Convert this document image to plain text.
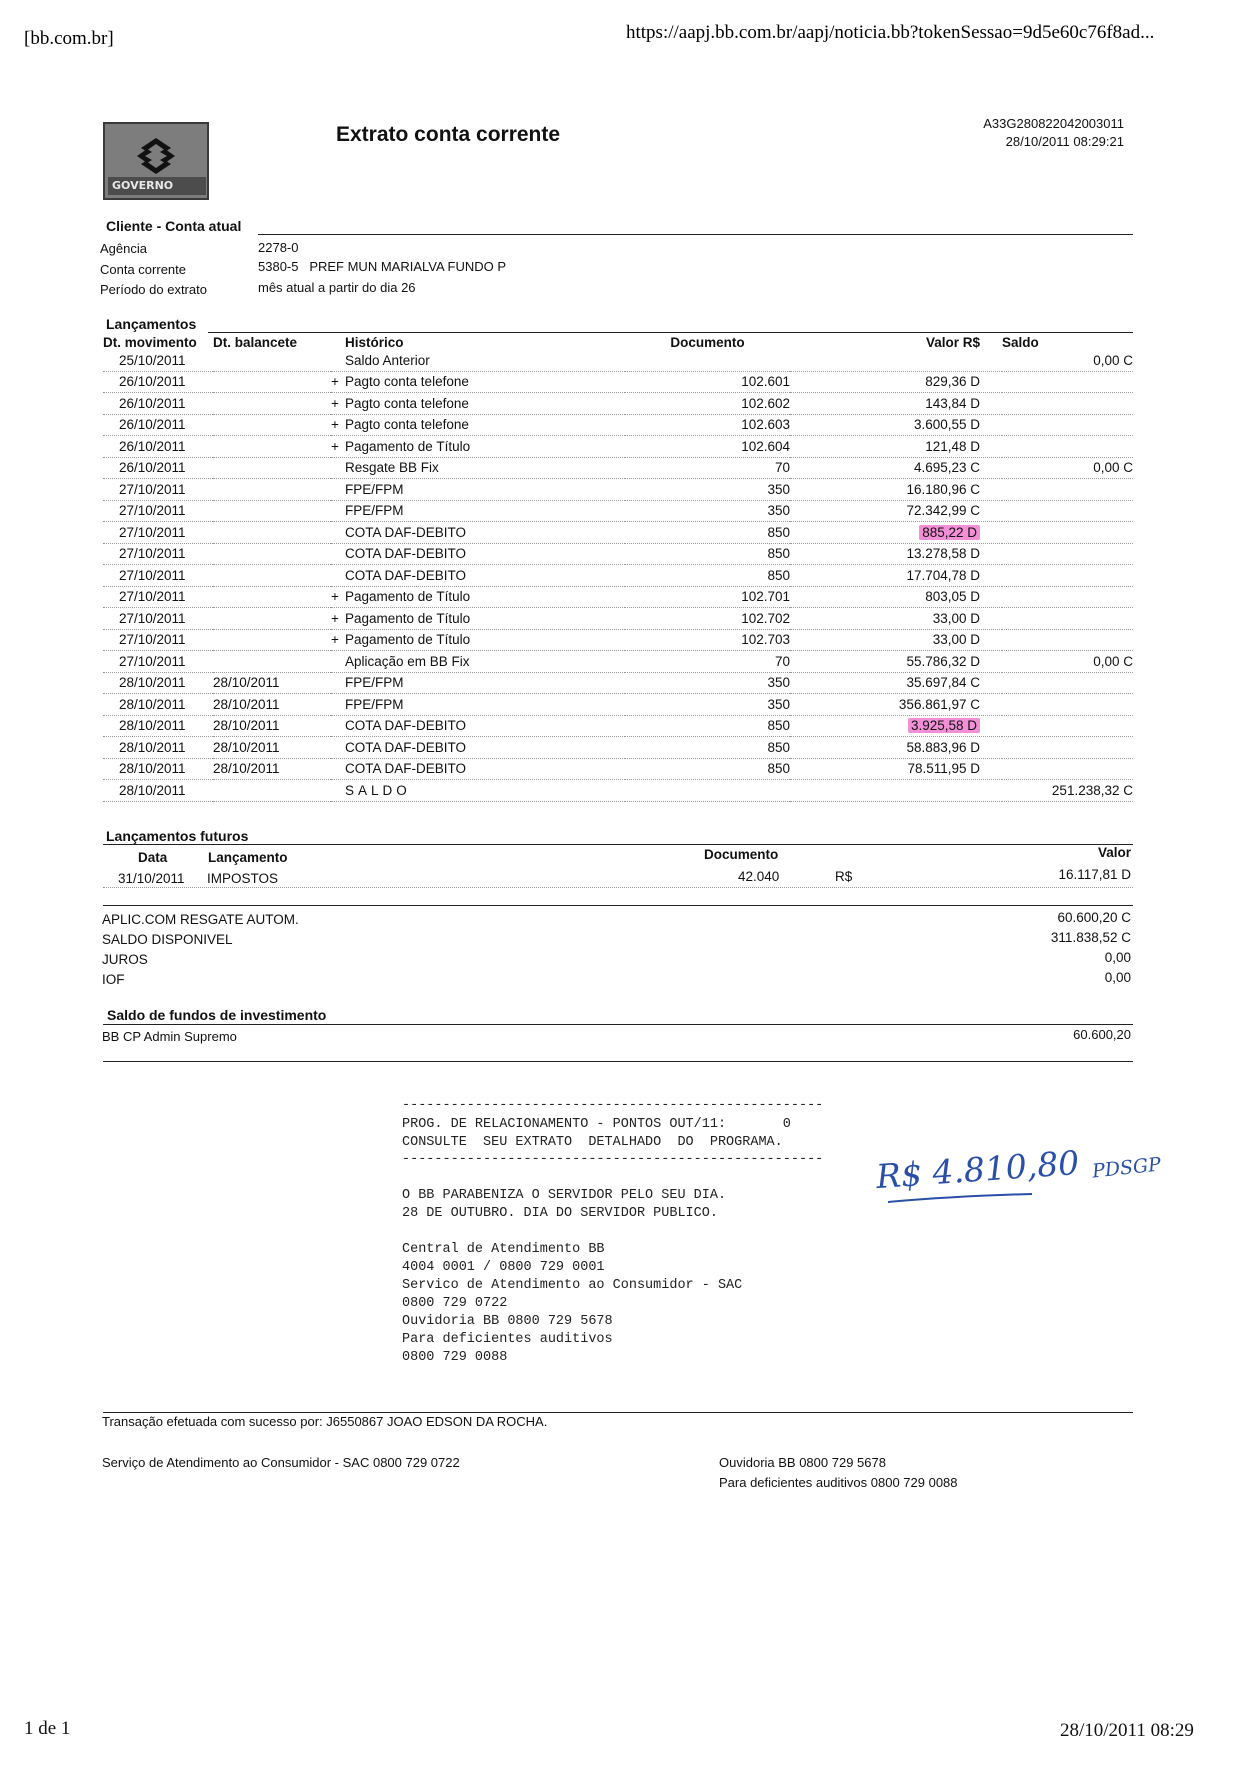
[bb.com.br]	https://aapj.bb.com.br/aapj/noticia.bb?tokenSessao=9d5e60c76f8ad...
GOVERNO
Extrato conta corrente	A33G280822042003011
28/10/2011 08:29:21
Cliente - Conta atual
Agência	2278-0
Conta corrente	5380-5   PREF MUN MARIALVA FUNDO P
Período do extrato	mês atual a partir do dia 26
Lançamentos
Dt. movimento	Dt. balancete	Histórico	Documento	Valor R$	Saldo
25/10/2011		Saldo Anterior			0,00 C
26/10/2011		+ Pagto conta telefone	102.601	829,36 D	
26/10/2011		+ Pagto conta telefone	102.602	143,84 D	
26/10/2011		+ Pagto conta telefone	102.603	3.600,55 D	
26/10/2011		+ Pagamento de Título	102.604	121,48 D	
26/10/2011		Resgate BB Fix	70	4.695,23 C	0,00 C
27/10/2011		FPE/FPM	350	16.180,96 C	
27/10/2011		FPE/FPM	350	72.342,99 C	
27/10/2011		COTA DAF-DEBITO	850	885,22 D	
27/10/2011		COTA DAF-DEBITO	850	13.278,58 D	
27/10/2011		COTA DAF-DEBITO	850	17.704,78 D	
27/10/2011		+ Pagamento de Título	102.701	803,05 D	
27/10/2011		+ Pagamento de Título	102.702	33,00 D	
27/10/2011		+ Pagamento de Título	102.703	33,00 D	
27/10/2011		Aplicação em BB Fix	70	55.786,32 D	0,00 C
28/10/2011	28/10/2011	FPE/FPM	350	35.697,84 C	
28/10/2011	28/10/2011	FPE/FPM	350	356.861,97 C	
28/10/2011	28/10/2011	COTA DAF-DEBITO	850	3.925,58 D	
28/10/2011	28/10/2011	COTA DAF-DEBITO	850	58.883,96 D	
28/10/2011	28/10/2011	COTA DAF-DEBITO	850	78.511,95 D	
28/10/2011		SALDO			251.238,32 C
Lançamentos futuros
Data	Lançamento	Documento	Valor
31/10/2011 IMPOSTOS	42.040	R$	16.117,81 D
APLIC.COM RESGATE AUTOM.	60.600,20 C
SALDO DISPONIVEL	311.838,52 C
JUROS	0,00
IOF	0,00
Saldo de fundos de investimento
BB CP Admin Supremo	60.600,20
----------------------------------------------------
PROG. DE RELACIONAMENTO - PONTOS OUT/11:       0
CONSULTE  SEU EXTRATO  DETALHADO  DO  PROGRAMA.
----------------------------------------------------
O BB PARABENIZA O SERVIDOR PELO SEU DIA.
28 DE OUTUBRO. DIA DO SERVIDOR PUBLICO.
Central de Atendimento BB
4004 0001 / 0800 729 0001
Servico de Atendimento ao Consumidor - SAC
0800 729 0722
Ouvidoria BB 0800 729 5678
Para deficientes auditivos
0800 729 0088
R$ 4.810,80 PDSGP
Transação efetuada com sucesso por: J6550867 JOAO EDSON DA ROCHA.
Serviço de Atendimento ao Consumidor - SAC 0800 729 0722	Ouvidoria BB 0800 729 5678
Para deficientes auditivos 0800 729 0088
1 de 1	28/10/2011 08:29
